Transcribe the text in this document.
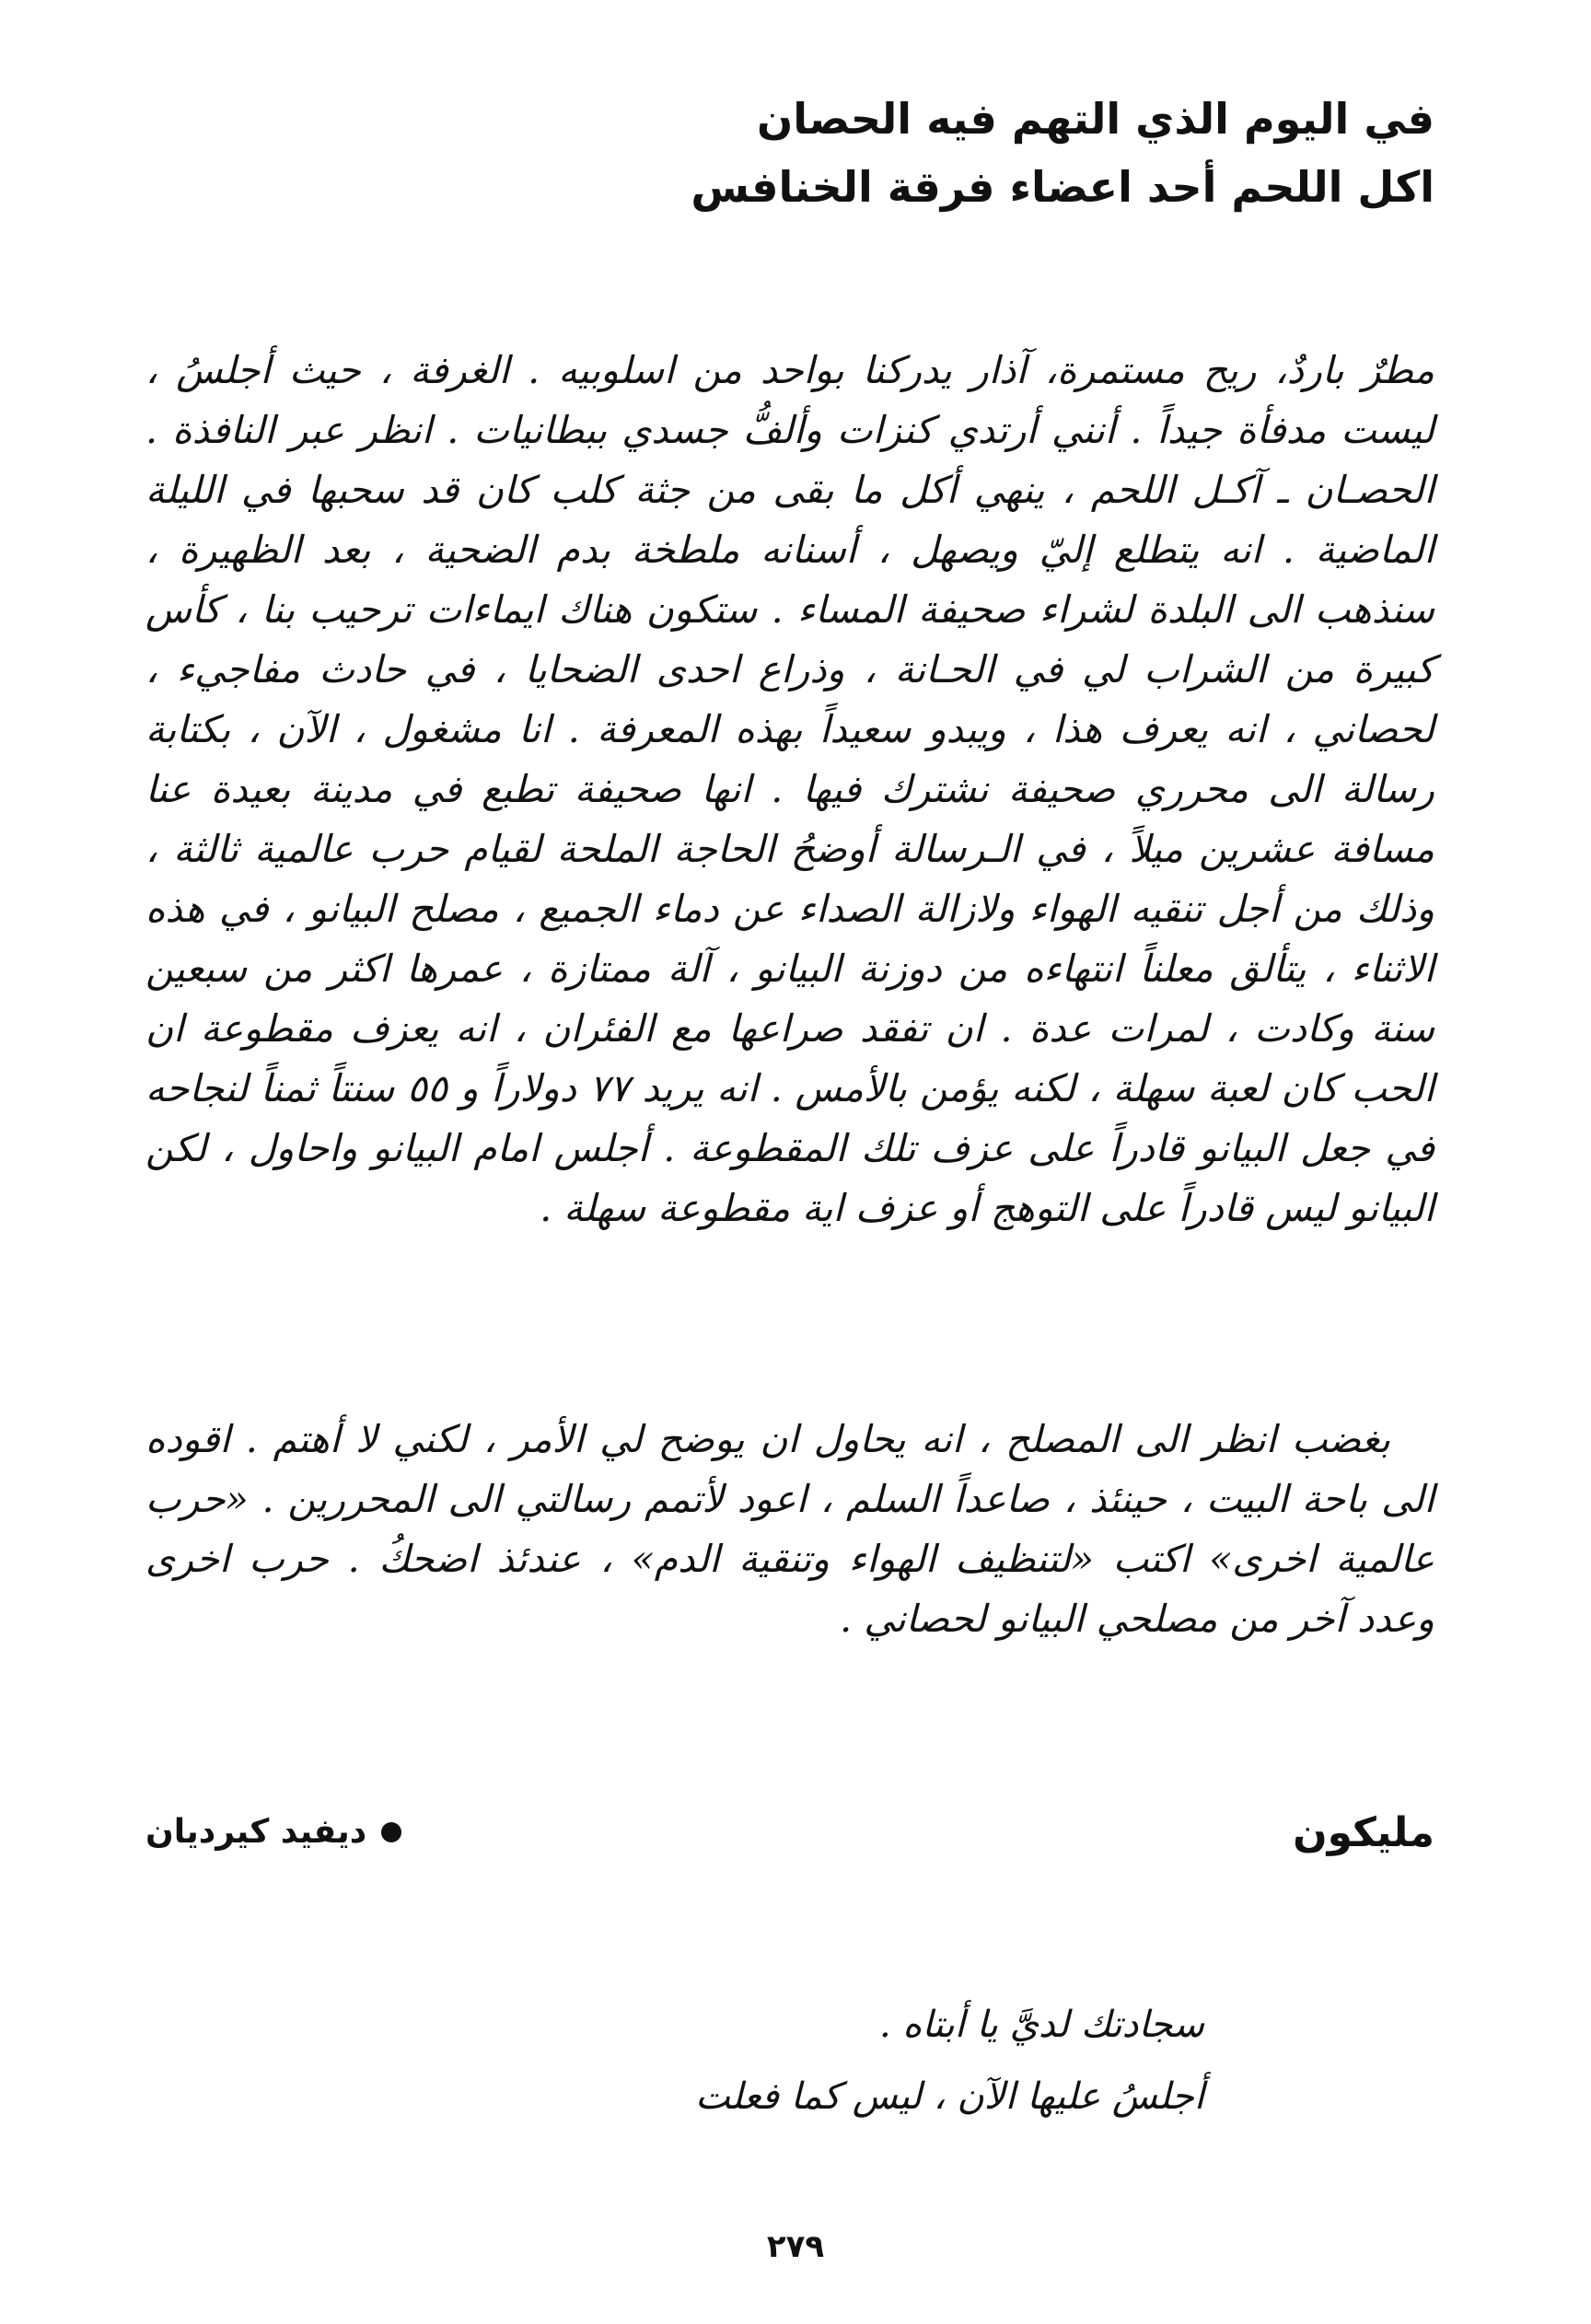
في اليوم الذي التهم فيه الحصان
اكل اللحم أحد اعضاء فرقة الخنافس

مطرٌ باردٌ، ريح مستمرة، آذار يدركنا بواحد من اسلوبيه . الغرفة ، حيث أجلسُ ، ليست مدفأة جيداً . أنني أرتدي كنزات وألفُّ جسدي ببطانيات . انظر عبر النافذة . الحصـان ـ آكـل اللحم ، ينهي أكل ما بقى من جثة كلب كان قد سحبها في الليلة الماضية . انه يتطلع إليّ ويصهل ، أسنانه ملطخة بدم الضحية ، بعد الظهيرة ، سنذهب الى البلدة لشراء صحيفة المساء . ستكون هناك ايماءات ترحيب بنا ، كأس كبيرة من الشراب لي في الحـانة ، وذراع احدى الضحايا ، في حادث مفاجيء ، لحصاني ، انه يعرف هذا ، ويبدو سعيداً بهذه المعرفة . انا مشغول ، الآن ، بكتابة رسالة الى محرري صحيفة نشترك فيها . انها صحيفة تطبع في مدينة بعيدة عنا مسافة عشرين ميلاً ، في الـرسالة أوضحُ الحاجة الملحة لقيام حرب عالمية ثالثة ، وذلك من أجل تنقيه الهواء ولازالة الصداء عن دماء الجميع ، مصلح البيانو ، في هذه الاثناء ، يتألق معلناً انتهاءه من دوزنة البيانو ، آلة ممتازة ، عمرها اكثر من سبعين سنة وكادت ، لمرات عدة . ان تفقد صراعها مع الفئران ، انه يعزف مقطوعة ان الحب كان لعبة سهلة ، لكنه يؤمن بالأمس . انه يريد ٧٧ دولاراً و ٥٥ سنتاً ثمناً لنجاحه في جعل البيانو قادراً على عزف تلك المقطوعة . أجلس امام البيانو واحاول ، لكن البيانو ليس قادراً على التوهج أو عزف اية مقطوعة سهلة .

بغضب انظر الى المصلح ، انه يحاول ان يوضح لي الأمر ، لكني لا أهتم . اقوده الى باحة البيت ، حينئذ ، صاعداً السلم ، اعود لأتمم رسالتي الى المحررين . «حرب عالمية اخرى» اكتب «لتنظيف الهواء وتنقية الدم» ، عندئذ اضحكُ . حرب اخرى وعدد آخر من مصلحي البيانو لحصاني .

مليكون
ديفيد كيرديان
سجادتك لديَّ يا أبتاه .
أجلسُ عليها الآن ، ليس كما فعلت
٢٧٩
